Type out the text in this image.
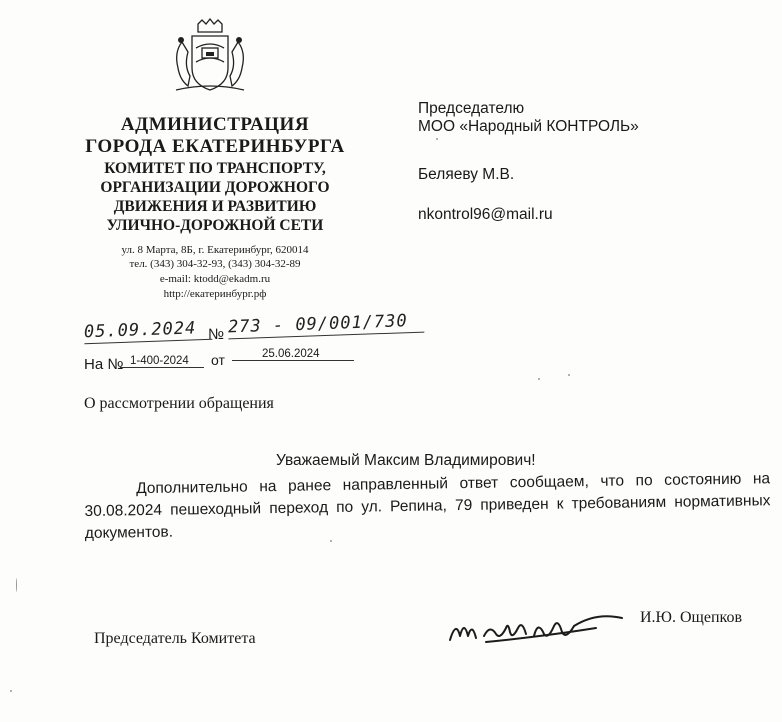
АДМИНИСТРАЦИЯ
ГОРОДА ЕКАТЕРИНБУРГА
КОМИТЕТ ПО ТРАНСПОРТУ,
ОРГАНИЗАЦИИ ДОРОЖНОГО
ДВИЖЕНИЯ И РАЗВИТИЮ
УЛИЧНО-ДОРОЖНОЙ СЕТИ
ул. 8 Марта, 8Б, г. Екатеринбург, 620014
тел. (343) 304-32-93, (343) 304-32-89
e-mail: ktodd@ekadm.ru
http://екатеринбург.рф
Председателю
МОО «Народный КОНТРОЛЬ»
Беляеву М.В.
nkontrol96@mail.ru
05.09.2024 № 273 - 09/001/730
На № 1-400-2024	от	25.06.2024
О рассмотрении обращения
Уважаемый Максим Владимирович!
Дополнительно на ранее направленный ответ сообщаем, что по состоянию на 30.08.2024 пешеходный переход по ул. Репина, 79 приведен к требованиям нормативных документов.
Председатель Комитета
И.Ю. Ощепков
